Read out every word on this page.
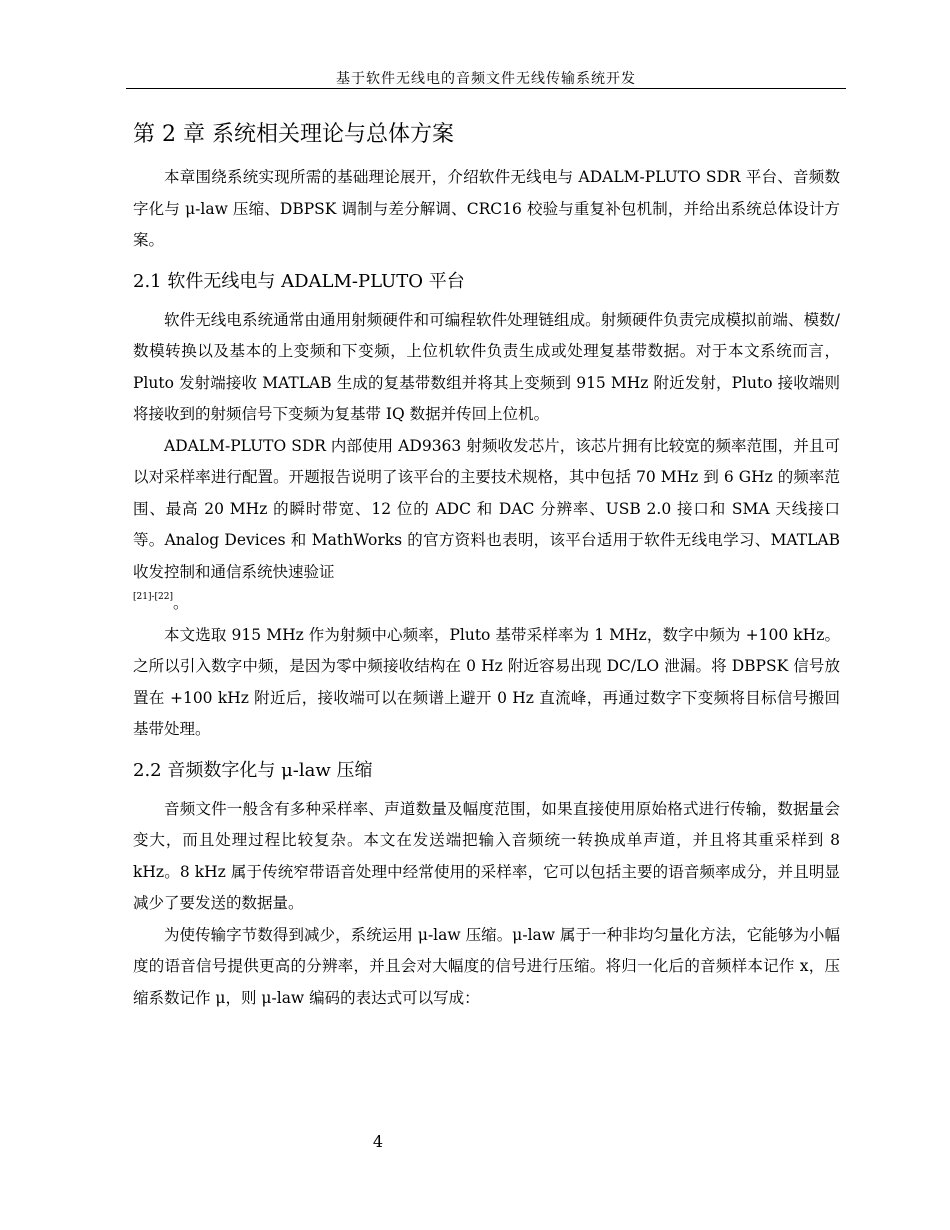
基于软件无线电的音频文件无线传输系统开发
第 2 章 系统相关理论与总体方案

本章围绕系统实现所需的基础理论展开，介绍软件无线电与 ADALM-PLUTO SDR 平台、音频数字化与 μ-law 压缩、DBPSK 调制与差分解调、CRC16 校验与重复补包机制，并给出系统总体设计方案。

2.1 软件无线电与 ADALM-PLUTO 平台

软件无线电系统通常由通用射频硬件和可编程软件处理链组成。射频硬件负责完成模拟前端、模数/数模转换以及基本的上变频和下变频，上位机软件负责生成或处理复基带数据。对于本文系统而言，Pluto 发射端接收 MATLAB 生成的复基带数组并将其上变频到 915 MHz 附近发射，Pluto 接收端则将接收到的射频信号下变频为复基带 IQ 数据并传回上位机。

ADALM-PLUTO SDR 内部使用 AD9363 射频收发芯片，该芯片拥有比较宽的频率范围，并且可以对采样率进行配置。开题报告说明了该平台的主要技术规格，其中包括 70 MHz 到 6 GHz 的频率范围、最高 20 MHz 的瞬时带宽、12 位的 ADC 和 DAC 分辨率、USB 2.0 接口和 SMA 天线接口等。Analog Devices 和 MathWorks 的官方资料也表明，该平台适用于软件无线电学习、MATLAB 收发控制和通信系统快速验证
[21]-[22]。

本文选取 915 MHz 作为射频中心频率，Pluto 基带采样率为 1 MHz，数字中频为 +100 kHz。之所以引入数字中频，是因为零中频接收结构在 0 Hz 附近容易出现 DC/LO 泄漏。将 DBPSK 信号放置在 +100 kHz 附近后，接收端可以在频谱上避开 0 Hz 直流峰，再通过数字下变频将目标信号搬回基带处理。

2.2 音频数字化与 μ-law 压缩

音频文件一般含有多种采样率、声道数量及幅度范围，如果直接使用原始格式进行传输，数据量会变大，而且处理过程比较复杂。本文在发送端把输入音频统一转换成单声道，并且将其重采样到 8 kHz。8 kHz 属于传统窄带语音处理中经常使用的采样率，它可以包括主要的语音频率成分，并且明显减少了要发送的数据量。

为使传输字节数得到减少，系统运用 μ-law 压缩。μ-law 属于一种非均匀量化方法，它能够为小幅度的语音信号提供更高的分辨率，并且会对大幅度的信号进行压缩。将归一化后的音频样本记作 x，压缩系数记作 μ，则 μ-law 编码的表达式可以写成：

4
